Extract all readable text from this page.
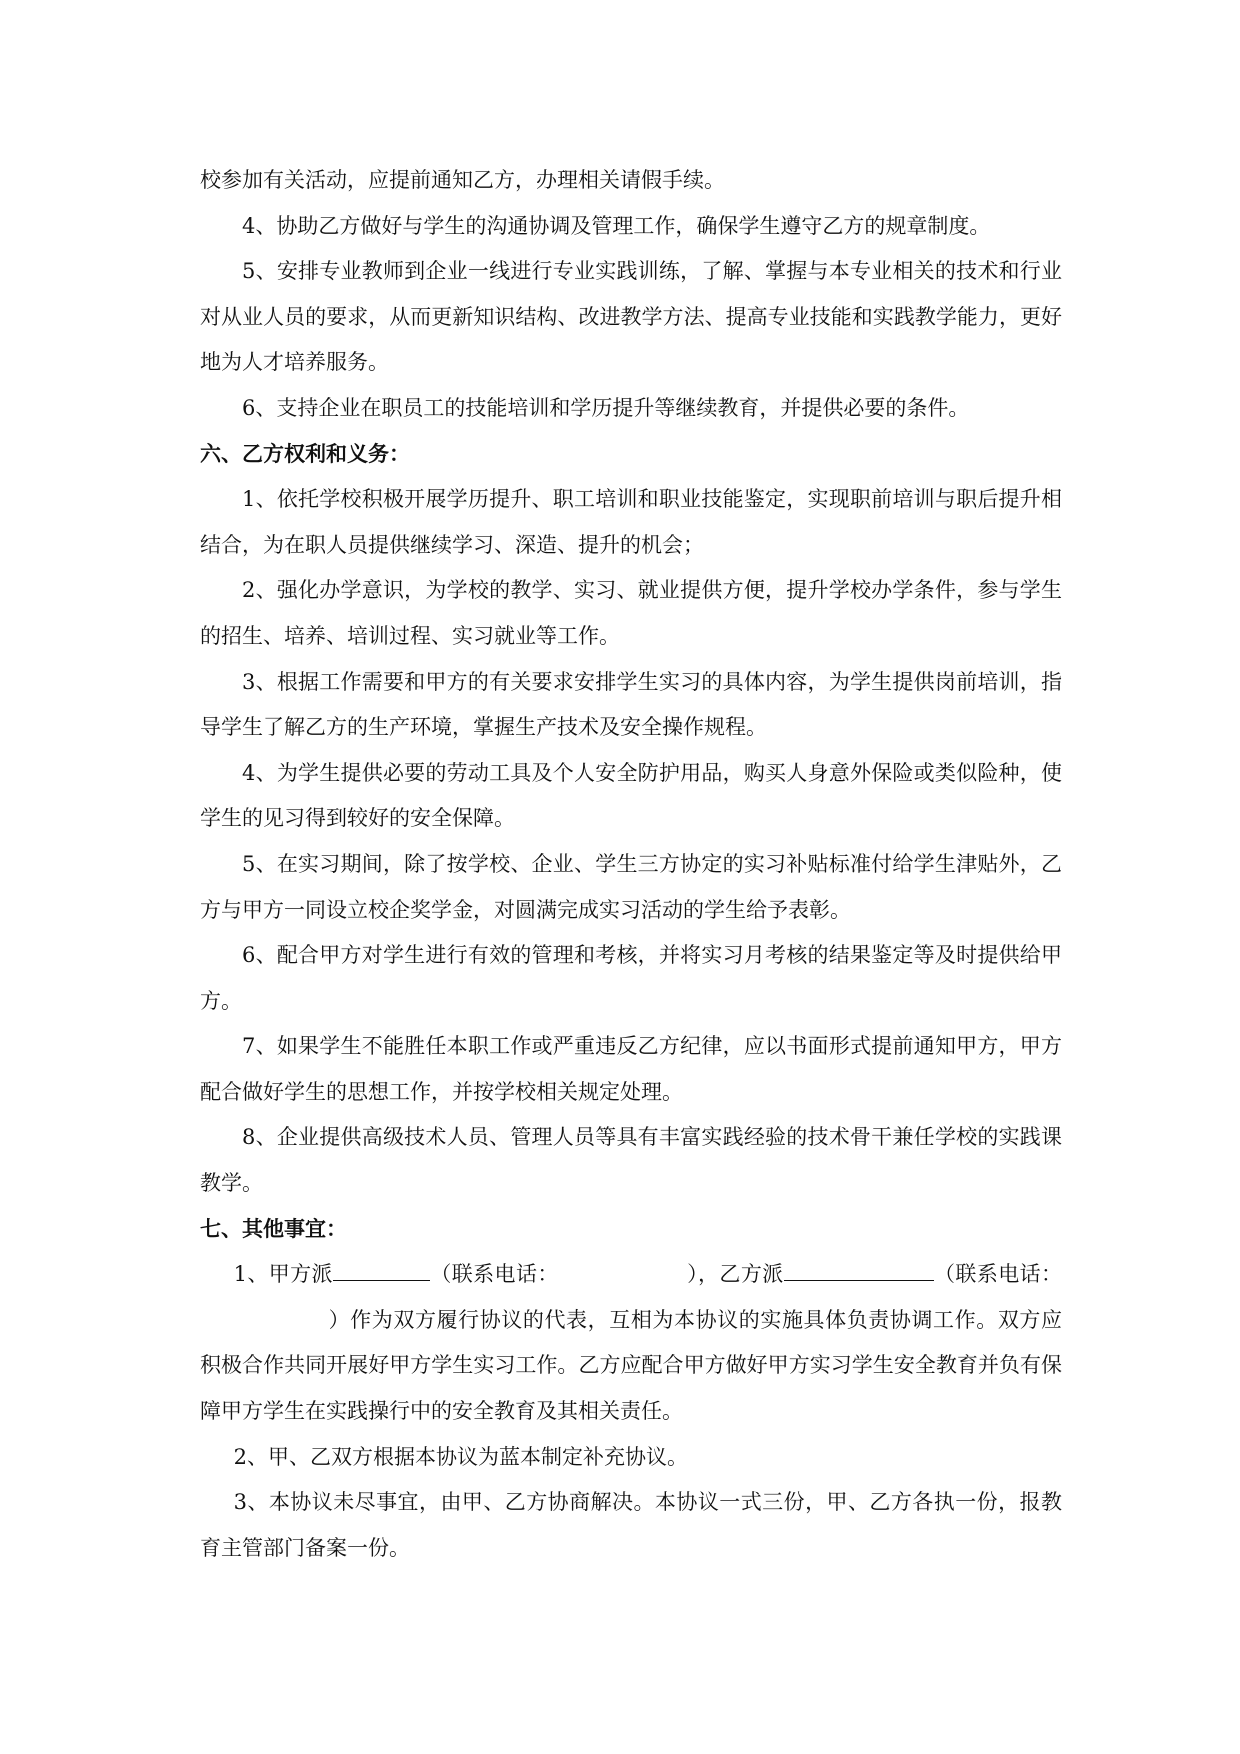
校参加有关活动，应提前通知乙方，办理相关请假手续。

4、协助乙方做好与学生的沟通协调及管理工作，确保学生遵守乙方的规章制度。

5、安排专业教师到企业一线进行专业实践训练，了解、掌握与本专业相关的技术和行业对从业人员的要求，从而更新知识结构、改进教学方法、提高专业技能和实践教学能力，更好地为人才培养服务。

6、支持企业在职员工的技能培训和学历提升等继续教育，并提供必要的条件。

六、乙方权利和义务：

1、依托学校积极开展学历提升、职工培训和职业技能鉴定，实现职前培训与职后提升相结合，为在职人员提供继续学习、深造、提升的机会；

2、强化办学意识，为学校的教学、实习、就业提供方便，提升学校办学条件，参与学生的招生、培养、培训过程、实习就业等工作。

3、根据工作需要和甲方的有关要求安排学生实习的具体内容，为学生提供岗前培训，指导学生了解乙方的生产环境，掌握生产技术及安全操作规程。

4、为学生提供必要的劳动工具及个人安全防护用品，购买人身意外保险或类似险种，使学生的见习得到较好的安全保障。

5、在实习期间，除了按学校、企业、学生三方协定的实习补贴标准付给学生津贴外，乙方与甲方一同设立校企奖学金，对圆满完成实习活动的学生给予表彰。

6、配合甲方对学生进行有效的管理和考核，并将实习月考核的结果鉴定等及时提供给甲方。

7、如果学生不能胜任本职工作或严重违反乙方纪律，应以书面形式提前通知甲方，甲方配合做好学生的思想工作，并按学校相关规定处理。

8、企业提供高级技术人员、管理人员等具有丰富实践经验的技术骨干兼任学校的实践课教学。

七、其他事宜：

1、甲方派	（联系电话：	），乙方派	（联系电话：）作为双方履行协议的代表，互相为本协议的实施具体负责协调工作。双方应积极合作共同开展好甲方学生实习工作。乙方应配合甲方做好甲方实习学生安全教育并负有保障甲方学生在实践操行中的安全教育及其相关责任。

2、甲、乙双方根据本协议为蓝本制定补充协议。

3、本协议未尽事宜，由甲、乙方协商解决。本协议一式三份，甲、乙方各执一份，报教育主管部门备案一份。
